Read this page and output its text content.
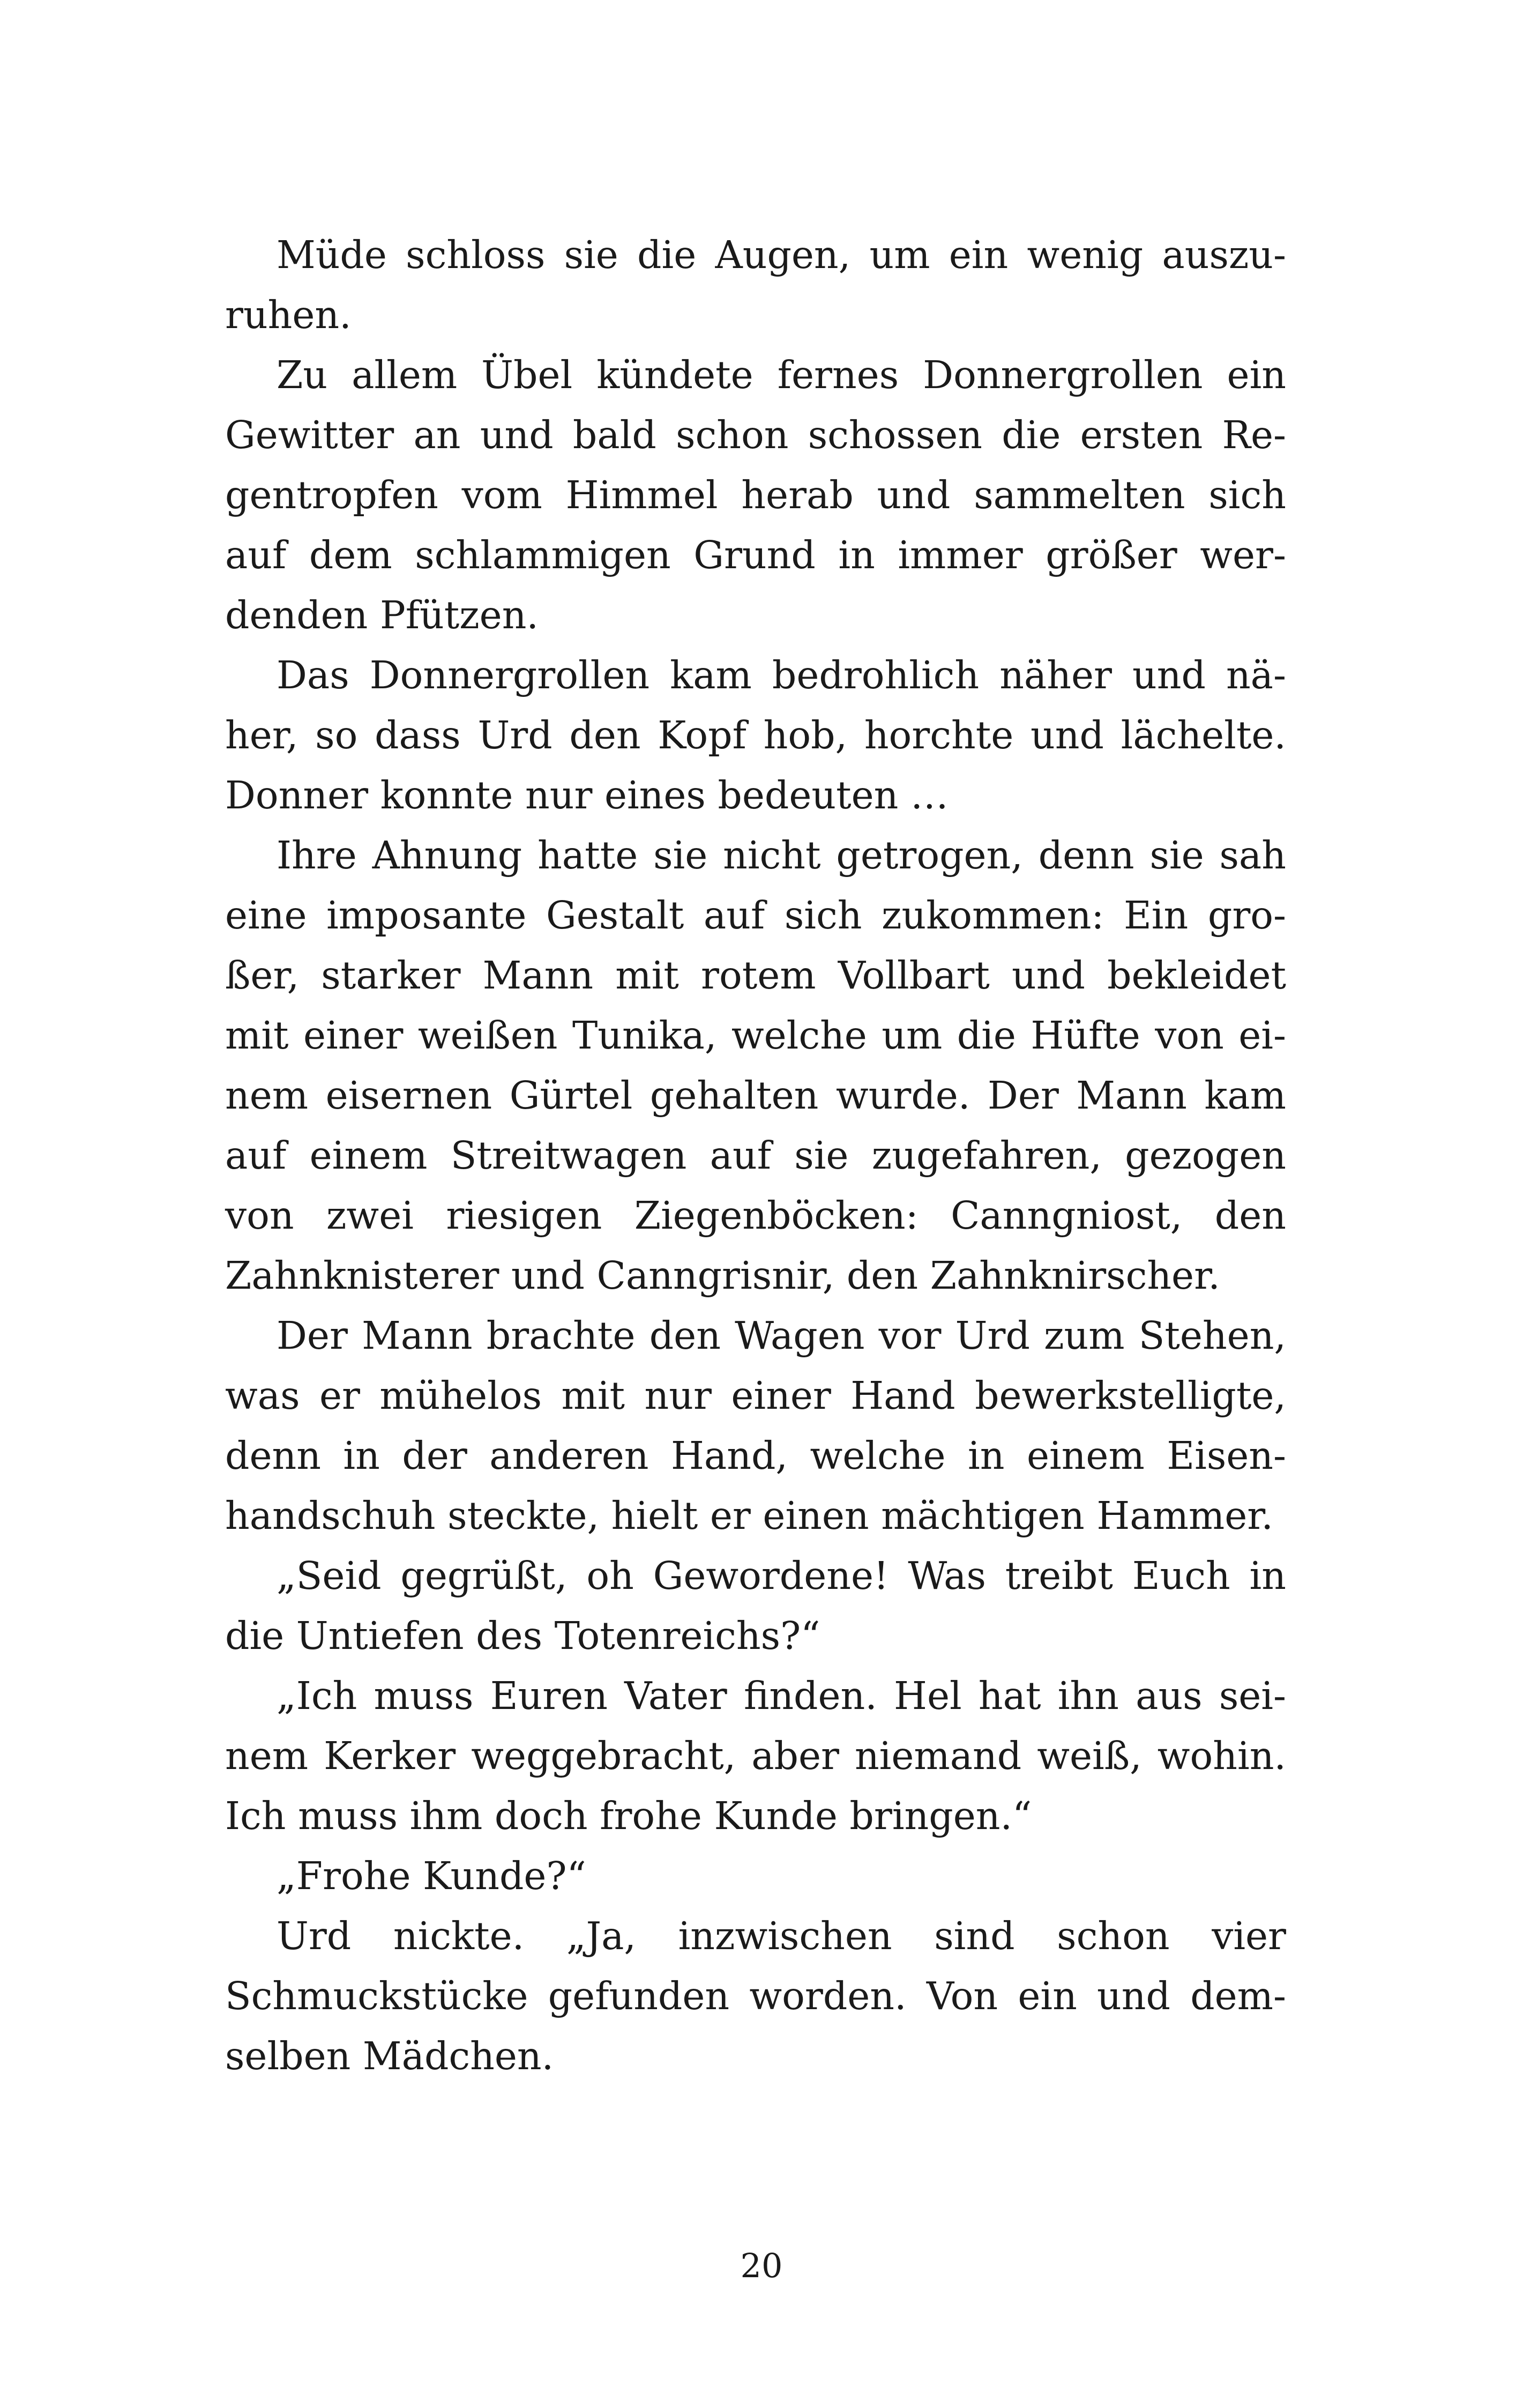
Müde schloss sie die Augen, um ein wenig auszu-
ruhen.
Zu allem Übel kündete fernes Donnergrollen ein
Gewitter an und bald schon schossen die ersten Re-
gentropfen vom Himmel herab und sammelten sich
auf dem schlammigen Grund in immer größer wer-
denden Pfützen.
Das Donnergrollen kam bedrohlich näher und nä-
her, so dass Urd den Kopf hob, horchte und lächelte.
Donner konnte nur eines bedeuten …
Ihre Ahnung hatte sie nicht getrogen, denn sie sah
eine imposante Gestalt auf sich zukommen: Ein gro-
ßer, starker Mann mit rotem Vollbart und bekleidet
mit einer weißen Tunika, welche um die Hüfte von ei-
nem eisernen Gürtel gehalten wurde. Der Mann kam
auf einem Streitwagen auf sie zugefahren, gezogen
von zwei riesigen Ziegenböcken: Canngniost, den
Zahnknisterer und Canngrisnir, den Zahnknirscher.
Der Mann brachte den Wagen vor Urd zum Stehen,
was er mühelos mit nur einer Hand bewerkstelligte,
denn in der anderen Hand, welche in einem Eisen-
handschuh steckte, hielt er einen mächtigen Hammer.
„Seid gegrüßt, oh Gewordene! Was treibt Euch in
die Untiefen des Totenreichs?“
„Ich muss Euren Vater finden. Hel hat ihn aus sei-
nem Kerker weggebracht, aber niemand weiß, wohin.
Ich muss ihm doch frohe Kunde bringen.“
„Frohe Kunde?“
Urd nickte. „Ja, inzwischen sind schon vier
Schmuckstücke gefunden worden. Von ein und dem-
selben Mädchen.
20
